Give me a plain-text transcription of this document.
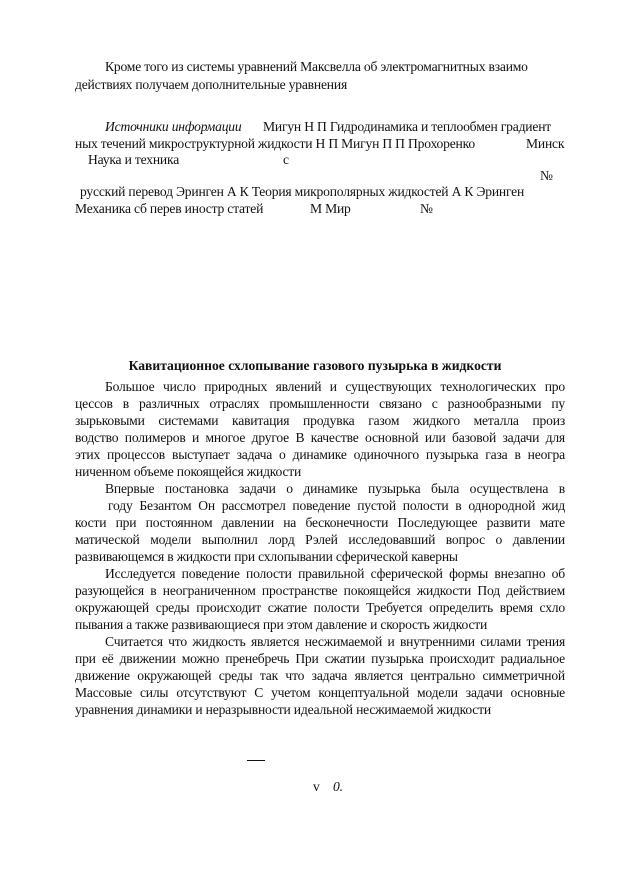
Кроме того из системы уравнений Максвелла об электромагнитных взаимо
действиях получаем дополнительные уравнения
Источники информации Мигун Н П Гидродинамика и теплообмен градиент
ных течений микроструктурной жидкости Н П Мигун П П Прохоренко	Минск
Наука и техника	с
№
русский перевод Эринген А К Теория микрополярных жидкостей А К Эринген
Механика сб перев иностр статей	М Мир	№
Кавитационное схлопывание газового пузырька в жидкости
Большое число природных явлений и существующих технологических про
цессов в различных отраслях промышленности связано с разнообразными пу
зырьковыми системами кавитация продувка газом жидкого металла произ
водство полимеров и многое другое В качестве основной или базовой задачи для
этих процессов выступает задача о динамике одиночного пузырька газа в неогра
ниченном объеме покоящейся жидкости
Впервые постановка задачи о динамике пузырька была осуществлена в
году Безантом Он рассмотрел поведение пустой полости в однородной жид
кости при постоянном давлении на бесконечности Последующее развити мате
матической модели выполнил лорд Рэлей исследовавший вопрос о давлении
развивающемся в жидкости при схлопывании сферической каверны
Исследуется поведение полости правильной сферической формы внезапно об
разующейся в неограниченном пространстве покоящейся жидкости Под действием
окружающей среды происходит сжатие полости Требуется определить время схло
пывания а также развивающиеся при этом давление и скорость жидкости
Считается что жидкость является несжимаемой и внутренними силами трения
при её движении можно пренебречь При сжатии пузырька происходит радиальное
движение окружающей среды так что задача является центрально симметричной
Массовые силы отсутствуют С учетом концептуальной модели задачи основные
уравнения динамики и неразрывности идеальной несжимаемой жидкости
v 0.
